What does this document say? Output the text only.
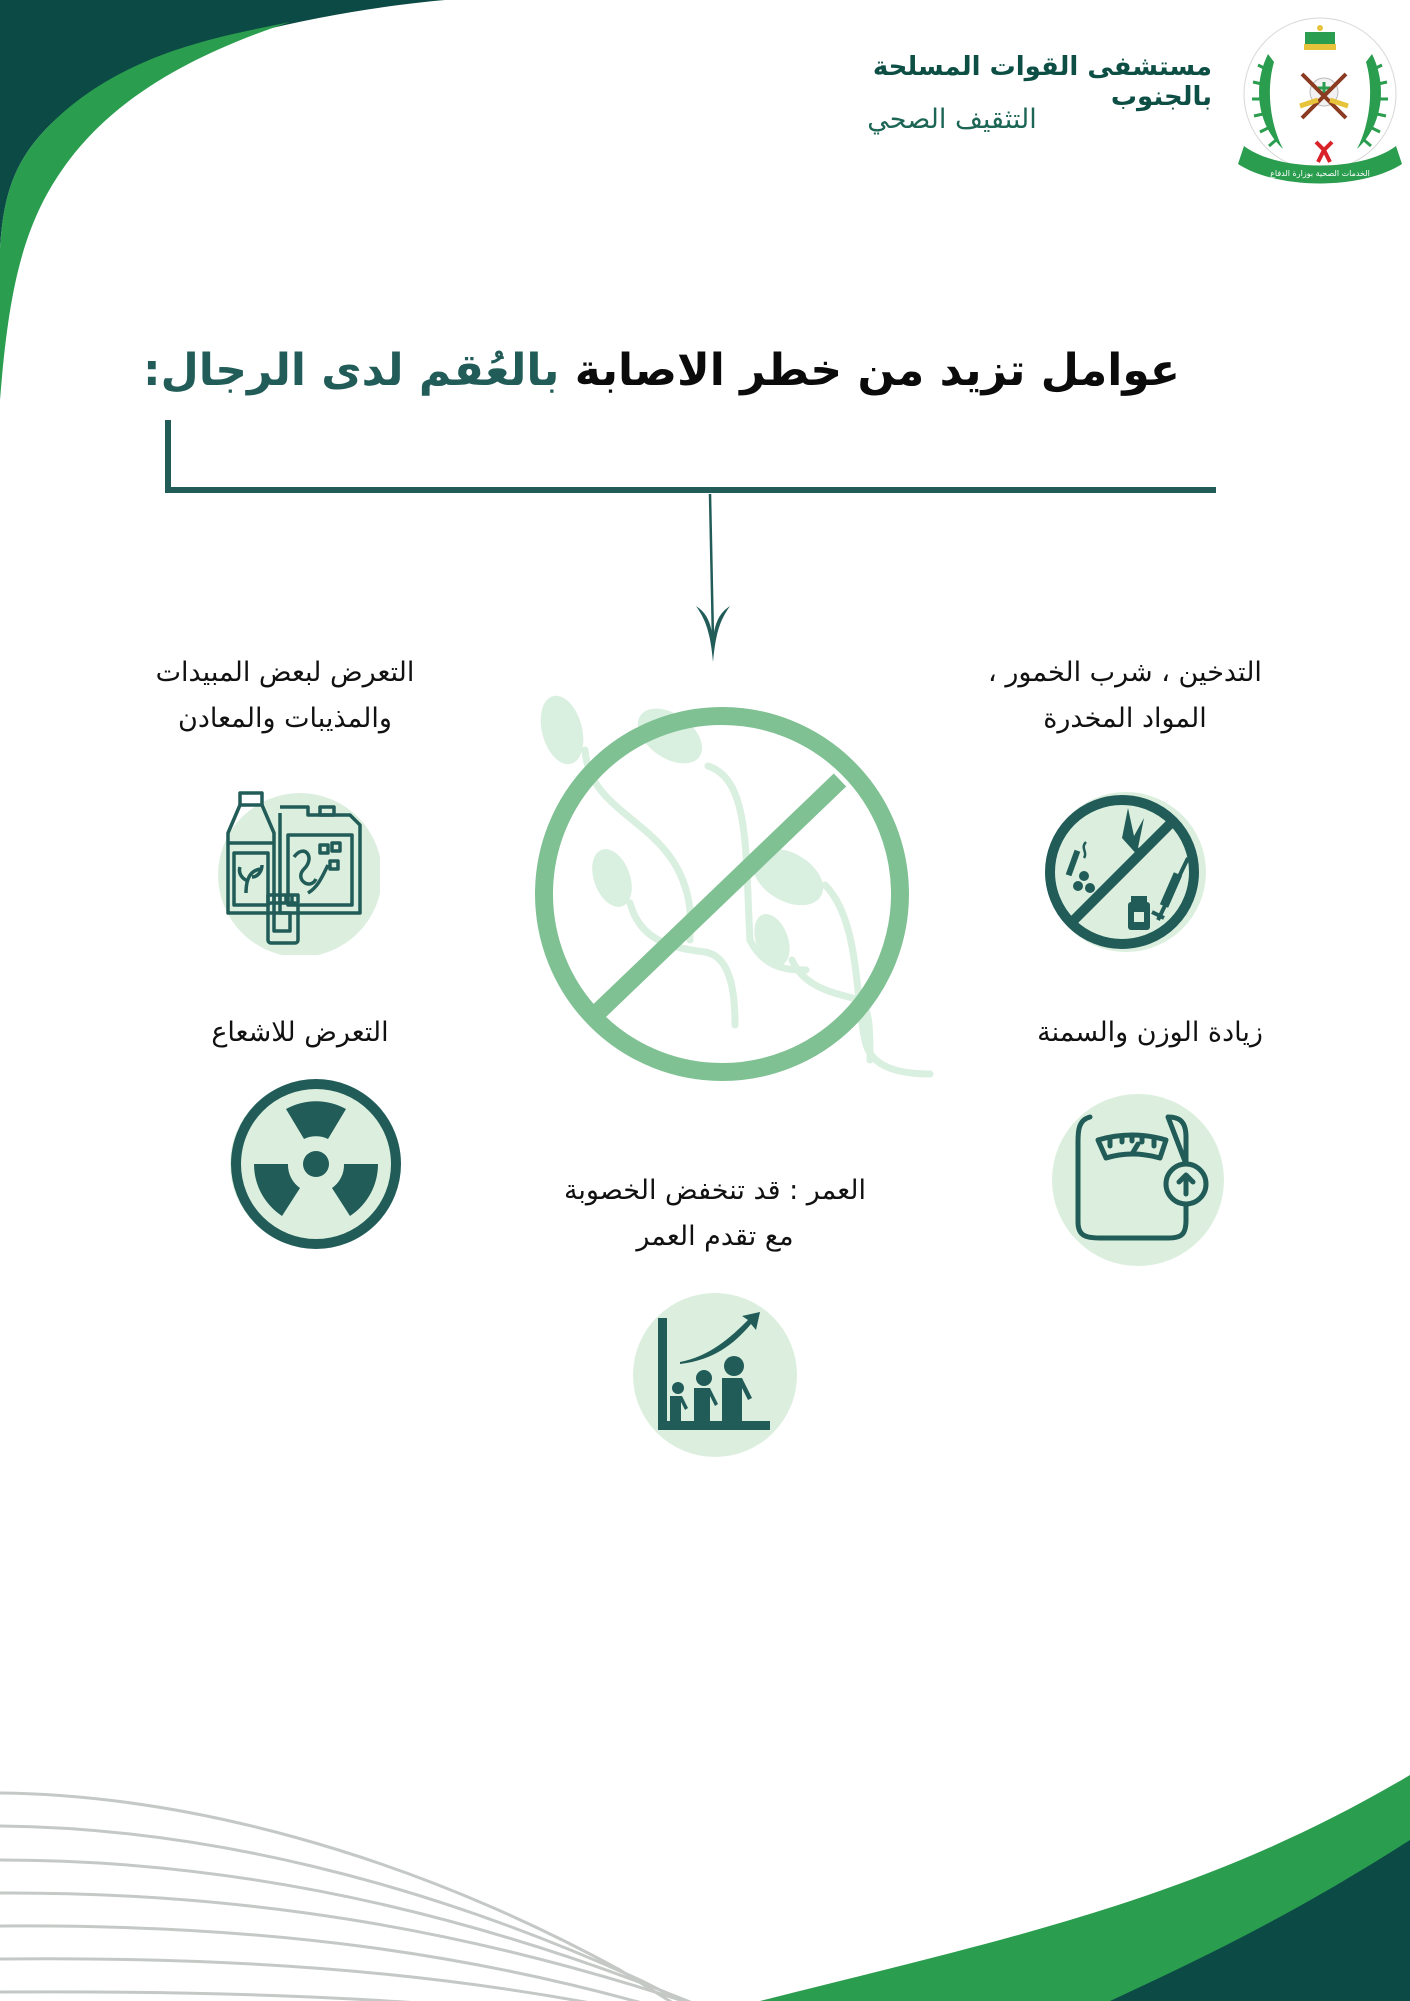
مستشفى القوات المسلحة بالجنوب
التثقيف الصحي
الخدمات الصحية بوزارة الدفاع
عوامل تزيد من خطر الاصابة بالعُقم لدى الرجال:
التدخين ، شرب الخمور ،
المواد المخدرة
التعرض لبعض المبيدات
والمذيبات والمعادن
زيادة الوزن والسمنة
التعرض للاشعاع
العمر : قد تنخفض الخصوبة
مع تقدم العمر
